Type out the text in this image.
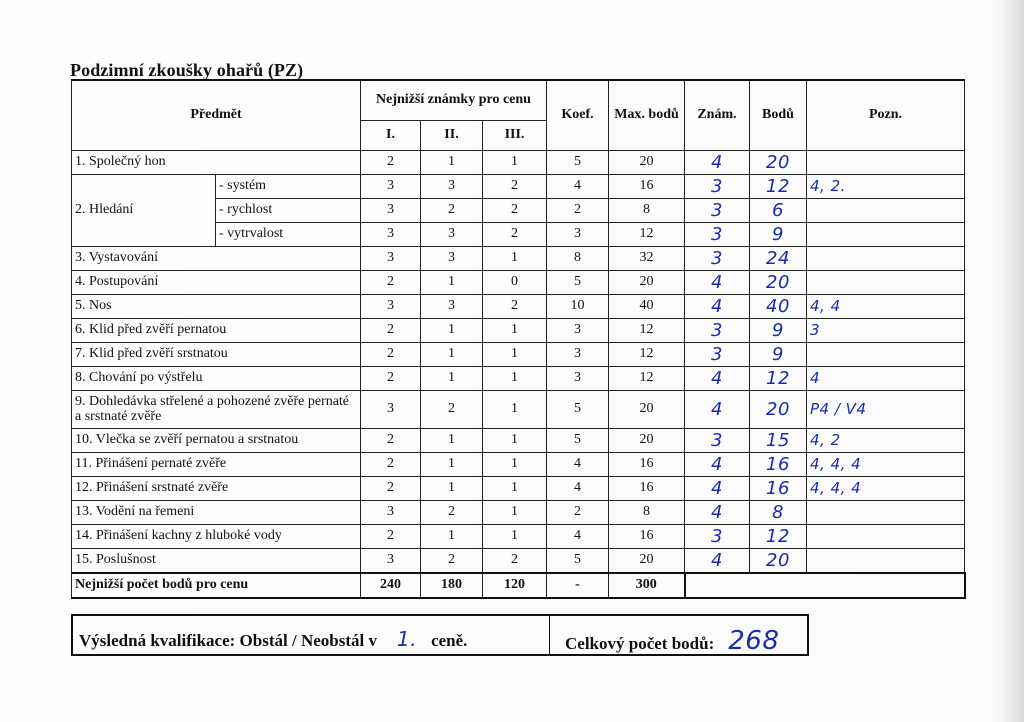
Podzimní zkoušky ohařů (PZ)
Předmět		Nejnižší známky pro cenu			Koef.	Max. bodů	Znám.	Bodů	Pozn.
		I.	II.	III.					
1. Společný hon		2	1	1	5	20	4	20	
2. Hledání	- systém	3	3	2	4	16	3	12	4, 2.
	- rychlost	3	2	2	2	8	3	6	
	- vytrvalost	3	3	2	3	12	3	9	
3. Vystavování		3	3	1	8	32	3	24	
4. Postupování		2	1	0	5	20	4	20	
5. Nos		3	3	2	10	40	4	40	4, 4
6. Klid před zvěří pernatou		2	1	1	3	12	3	9	3
7. Klid před zvěří srstnatou		2	1	1	3	12	3	9	
8. Chování po výstřelu		2	1	1	3	12	4	12	4
9. Dohledávka střelené a pohozené zvěře pernaté a srstnaté zvěře		3	2	1	5	20	4	20	P4 / V4
10. Vlečka se zvěří pernatou a srstnatou		2	1	1	5	20	3	15	4, 2
11. Přinášení pernaté zvěře		2	1	1	4	16	4	16	4, 4, 4
12. Přinášení srstnaté zvěře		2	1	1	4	16	4	16	4, 4, 4
13. Vodění na řemeni		3	2	1	2	8	4	8	
14. Přinášení kachny z hluboké vody		2	1	1	4	16	3	12	
15. Poslušnost		3	2	2	5	20	4	20	
Nejnižší počet bodů pro cenu		240	180	120	-	300			
Výsledná kvalifikace: Obstál / Neobstál v 1. ceně.	Celkový počet bodů: 268
